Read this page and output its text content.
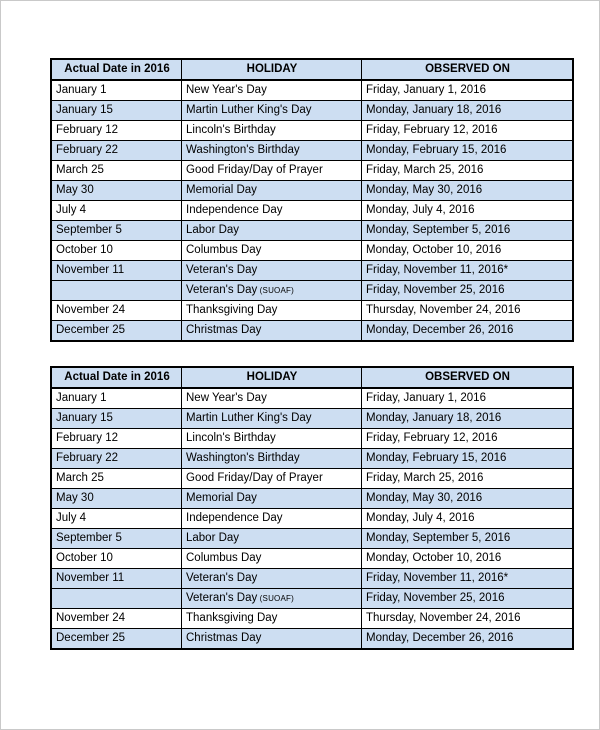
Actual Date in 2016	HOLIDAY	OBSERVED ON
January 1	New Year's Day	Friday, January 1, 2016
January 15	Martin Luther King's Day	Monday, January 18, 2016
February 12	Lincoln's Birthday	Friday, February 12, 2016
February 22	Washington's Birthday	Monday, February 15, 2016
March 25	Good Friday/Day of Prayer	Friday, March 25, 2016
May 30	Memorial Day	Monday, May 30, 2016
July 4	Independence Day	Monday, July 4, 2016
September 5	Labor Day	Monday, September 5, 2016
October 10	Columbus Day	Monday, October 10, 2016
November 11	Veteran's Day	Friday, November 11, 2016*
	Veteran's Day (SUOAF)	Friday, November 25, 2016
November 24	Thanksgiving Day	Thursday, November 24, 2016
December 25	Christmas Day	Monday, December 26, 2016
Actual Date in 2016	HOLIDAY	OBSERVED ON
January 1	New Year's Day	Friday, January 1, 2016
January 15	Martin Luther King's Day	Monday, January 18, 2016
February 12	Lincoln's Birthday	Friday, February 12, 2016
February 22	Washington's Birthday	Monday, February 15, 2016
March 25	Good Friday/Day of Prayer	Friday, March 25, 2016
May 30	Memorial Day	Monday, May 30, 2016
July 4	Independence Day	Monday, July 4, 2016
September 5	Labor Day	Monday, September 5, 2016
October 10	Columbus Day	Monday, October 10, 2016
November 11	Veteran's Day	Friday, November 11, 2016*
	Veteran's Day (SUOAF)	Friday, November 25, 2016
November 24	Thanksgiving Day	Thursday, November 24, 2016
December 25	Christmas Day	Monday, December 26, 2016
